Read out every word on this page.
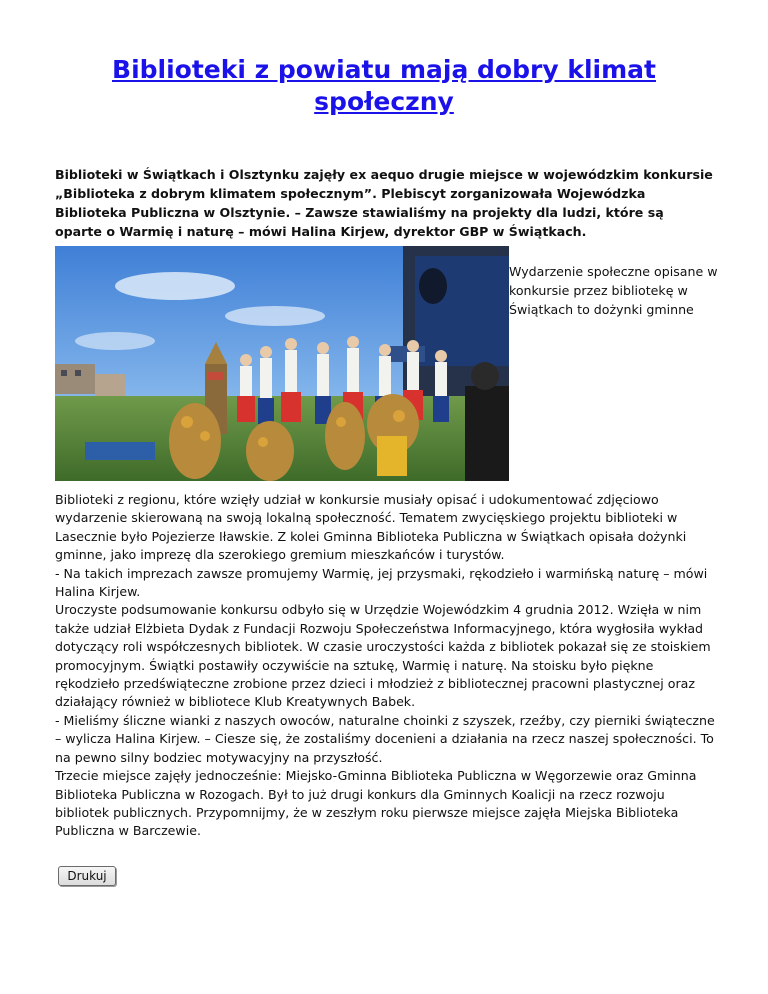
Biblioteki z powiatu mają dobry klimat społeczny

Biblioteki w Świątkach i Olsztynku zajęły ex aequo drugie miejsce w wojewódzkim konkursie „Biblioteka z dobrym klimatem społecznym”. Plebiscyt zorganizowała Wojewódzka Biblioteka Publiczna w Olsztynie. – Zawsze stawialiśmy na projekty dla ludzi, które są oparte o Warmię i naturę – mówi Halina Kirjew, dyrektor GBP w Świątkach.

Wydarzenie społeczne opisane w konkursie przez bibliotekę w Świątkach to dożynki gminne

Biblioteki z regionu, które wzięły udział w konkursie musiały opisać i udokumentować zdjęciowo wydarzenie skierowaną na swoją lokalną społeczność. Tematem zwycięskiego projektu biblioteki w Lasecznie było Pojezierze Iławskie. Z kolei Gminna Biblioteka Publiczna w Świątkach opisała dożynki gminne, jako imprezę dla szerokiego gremium mieszkańców i turystów.

- Na takich imprezach zawsze promujemy Warmię, jej przysmaki, rękodzieło i warmińską naturę – mówi Halina Kirjew.

Uroczyste podsumowanie konkursu odbyło się w Urzędzie Wojewódzkim 4 grudnia 2012. Wzięła w nim także udział Elżbieta Dydak z Fundacji Rozwoju Społeczeństwa Informacyjnego, która wygłosiła wykład dotyczący roli współczesnych bibliotek. W czasie uroczystości każda z bibliotek pokazał się ze stoiskiem promocyjnym. Świątki postawiły oczywiście na sztukę, Warmię i naturę. Na stoisku było piękne rękodzieło przedświąteczne zrobione przez dzieci i młodzież z bibliotecznej pracowni plastycznej oraz działający również w bibliotece Klub Kreatywnych Babek.

- Mieliśmy śliczne wianki z naszych owoców, naturalne choinki z szyszek, rzeźby, czy pierniki świąteczne – wylicza Halina Kirjew. – Ciesze się, że zostaliśmy docenieni a działania na rzecz naszej społeczności. To na pewno silny bodziec motywacyjny na przyszłość.

Trzecie miejsce zajęły jednocześnie: Miejsko-Gminna Biblioteka Publiczna w Węgorzewie oraz Gminna Biblioteka Publiczna w Rozogach. Był to już drugi konkurs dla Gminnych Koalicji na rzecz rozwoju bibliotek publicznych. Przypomnijmy, że w zeszłym roku pierwsze miejsce zajęła Miejska Biblioteka Publiczna w Barczewie.

Drukuj
